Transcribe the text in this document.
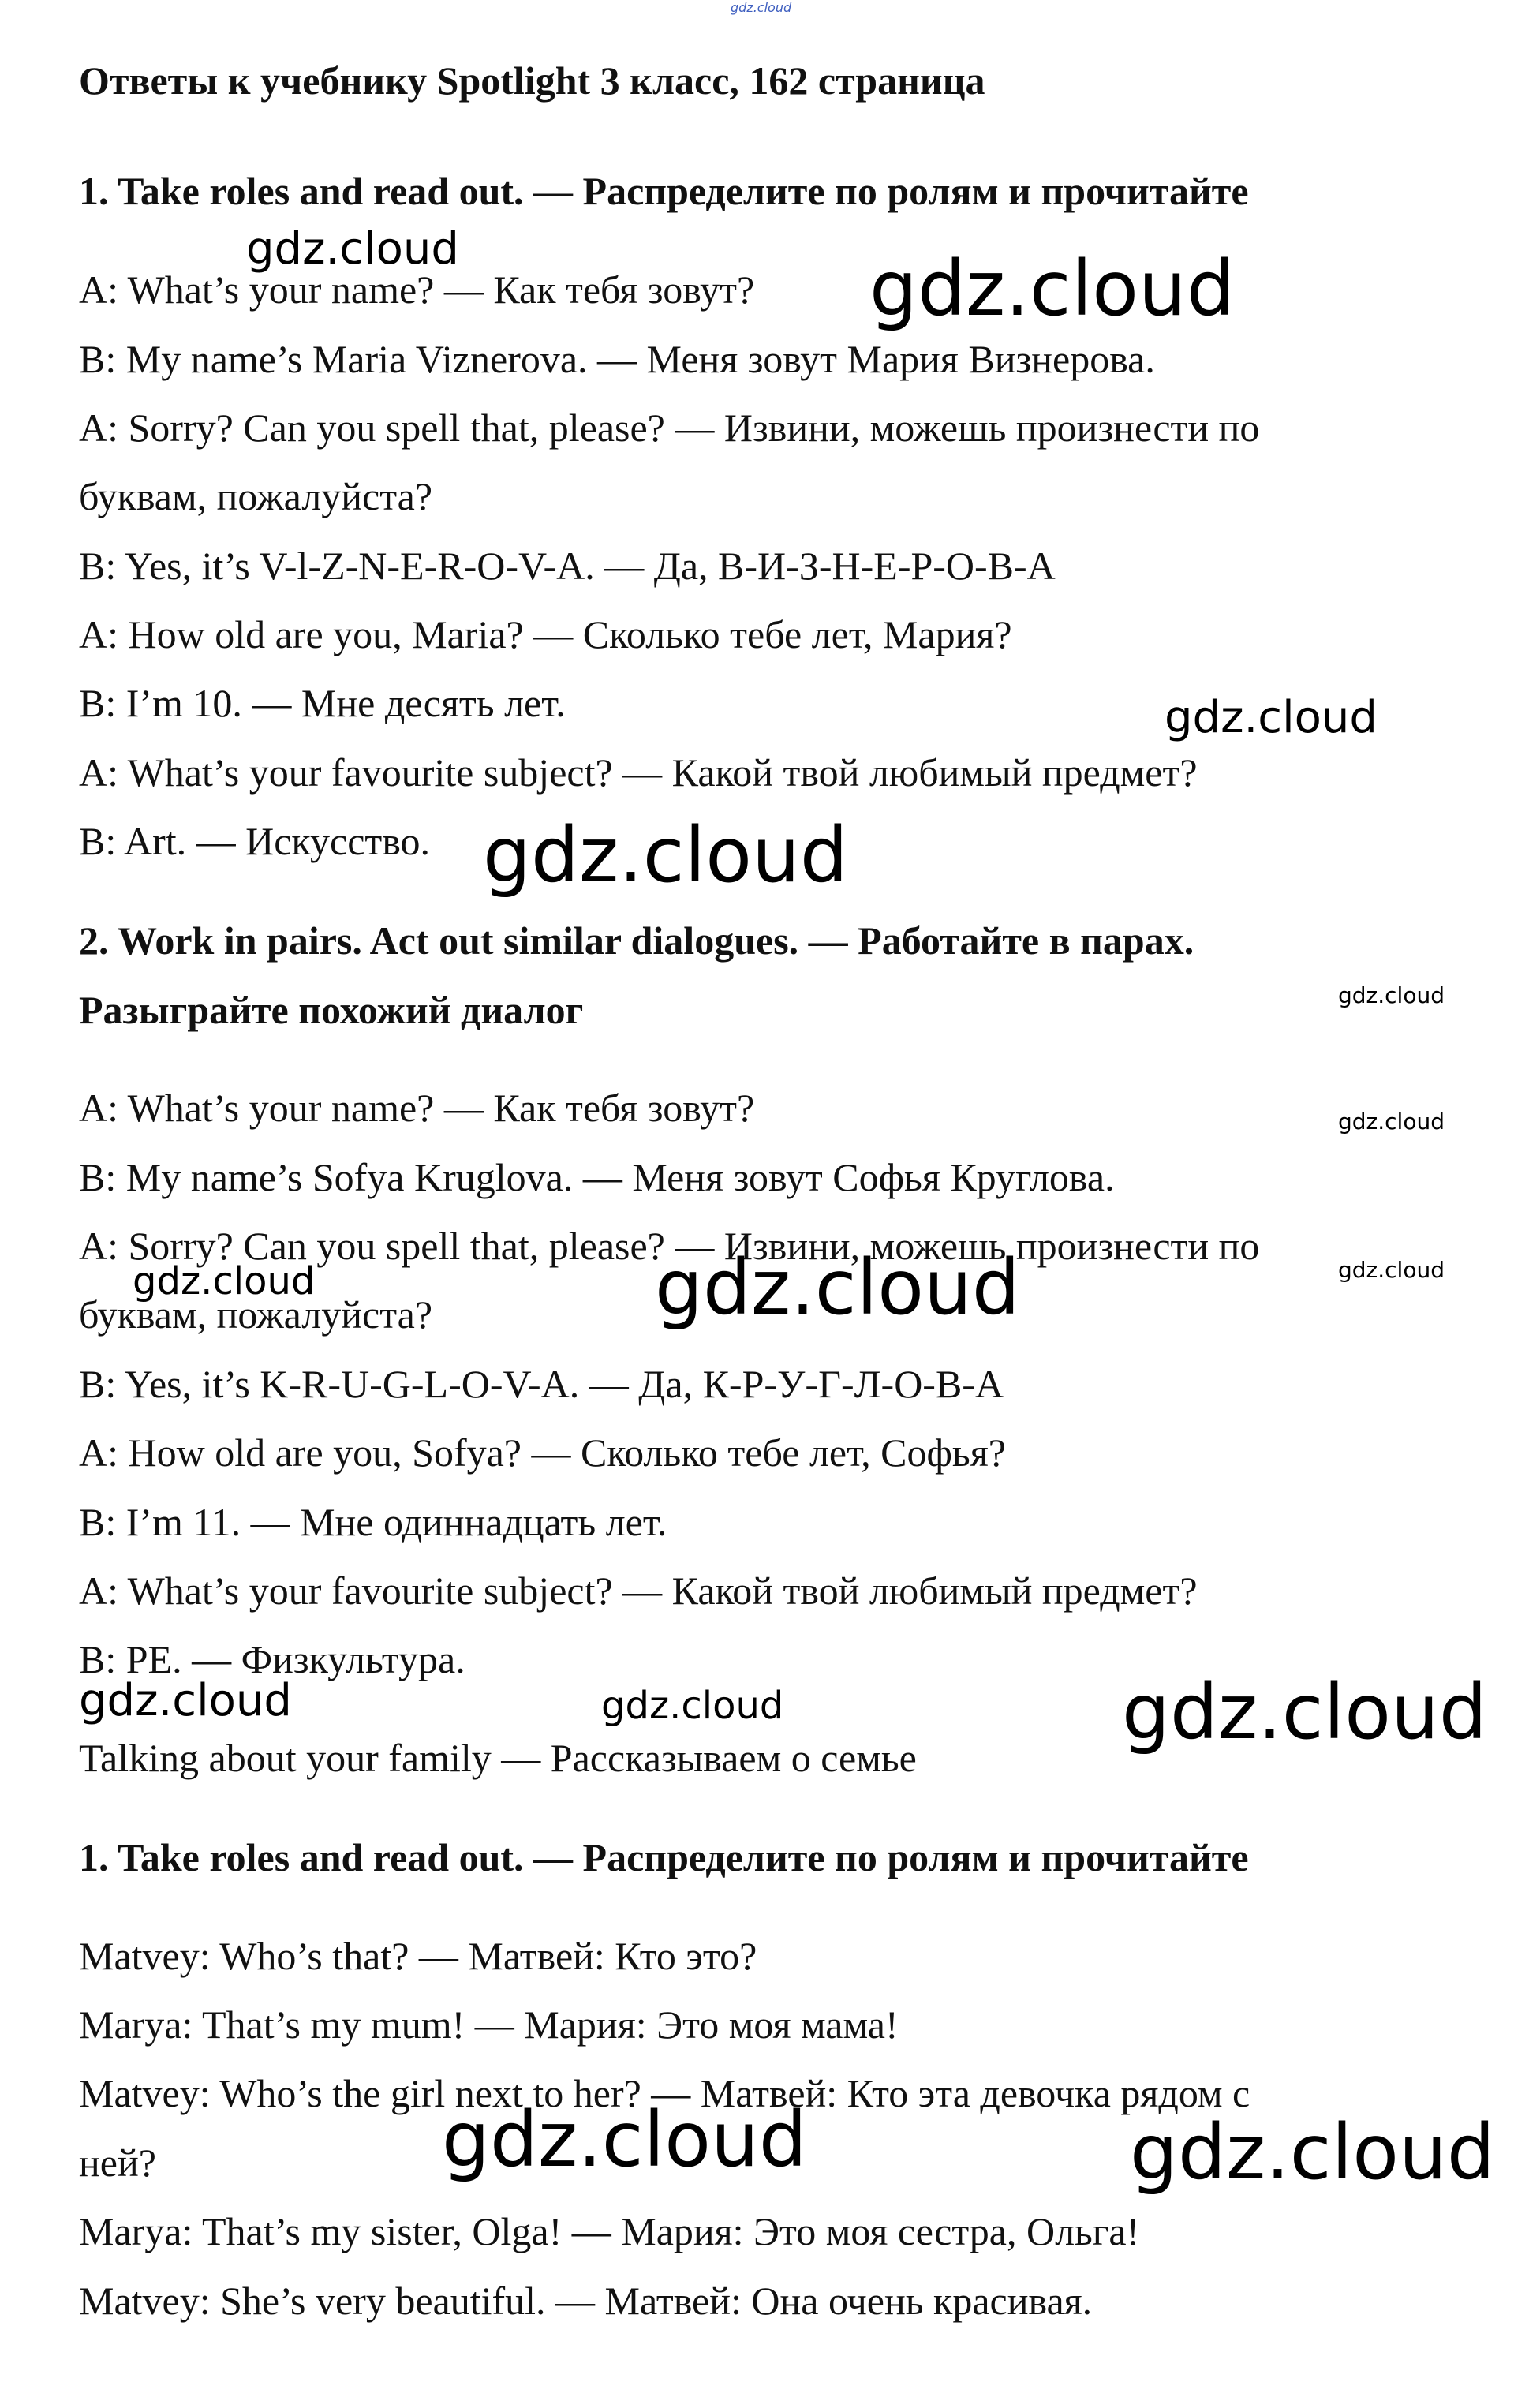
gdz.cloud
Ответы к учебнику Spotlight 3 класс, 162 страница
1. Take roles and read out. — Распределите по ролям и прочитайте
A: What’s your name? — Как тебя зовут?
B: My name’s Maria Viznerova. — Меня зовут Мария Визнерова.
A: Sorry? Can you spell that, please? — Извини, можешь произнести по
буквам, пожалуйста?
B: Yes, it’s V-l-Z-N-E-R-O-V-A. — Да, В-И-З-Н-Е-Р-О-В-А
A: How old are you, Maria? — Сколько тебе лет, Мария?
B: I’m 10. — Мне десять лет.
A: What’s your favourite subject? — Какой твой любимый предмет?
B: Art. — Искусство.
2. Work in pairs. Act out similar dialogues. — Работайте в парах.
Разыграйте похожий диалог
A: What’s your name? — Как тебя зовут?
B: My name’s Sofya Kruglova. — Меня зовут Софья Круглова.
A: Sorry? Can you spell that, please? — Извини, можешь произнести по
буквам, пожалуйста?
B: Yes, it’s K-R-U-G-L-O-V-A. — Да, К-Р-У-Г-Л-О-В-А
A: How old are you, Sofya? — Сколько тебе лет, Софья?
B: I’m 11. — Мне одиннадцать лет.
A: What’s your favourite subject? — Какой твой любимый предмет?
B: PE. — Физкультура.
Talking about your family — Рассказываем о семье
1. Take roles and read out. — Распределите по ролям и прочитайте
Matvey: Who’s that? — Матвей: Кто это?
Marya: That’s my mum! — Мария: Это моя мама!
Matvey: Who’s the girl next to her? — Матвей: Кто эта девочка рядом с
ней?
Marya: That’s my sister, Olga! — Мария: Это моя сестра, Ольга!
Matvey: She’s very beautiful. — Матвей: Она очень красивая.
gdz.cloud	gdz.cloud
gdz.cloud
gdz.cloud
gdz.cloud
gdz.cloud
gdz.cloud	gdz.cloud	gdz.cloud
gdz.cloud	gdz.cloud	gdz.cloud
gdz.cloud	gdz.cloud
